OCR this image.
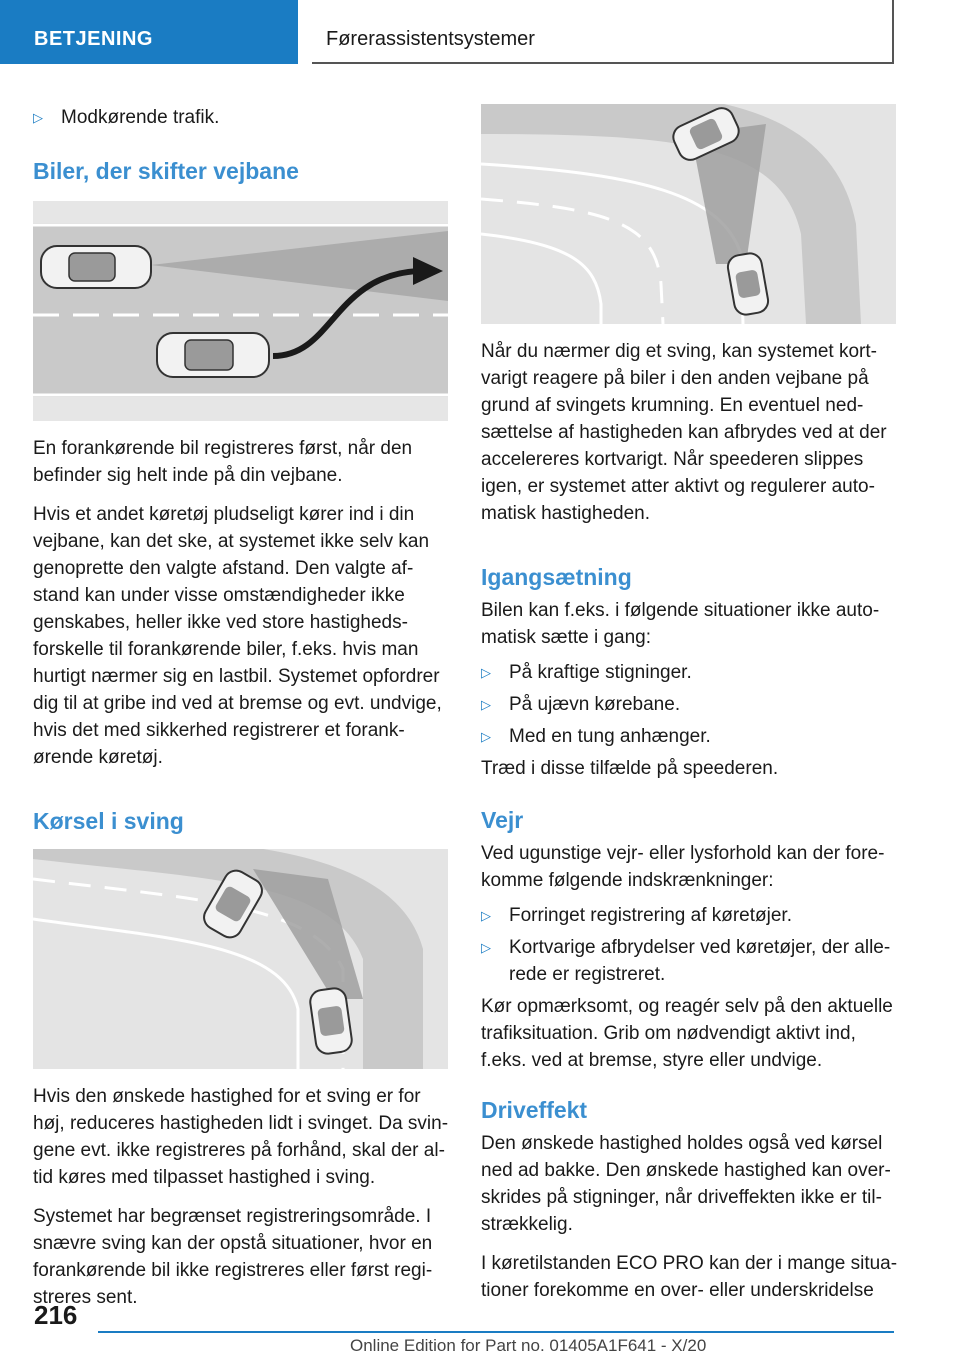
BETJENING	Førerassistentsystemer
▷ Modkørende trafik.
Biler, der skifter vejbane

En forankørende bil registreres først, når den befinder sig helt inde på din vejbane.

Hvis et andet køretøj pludseligt kører ind i din vejbane, kan det ske, at systemet ikke selv kan genoprette den valgte afstand. Den valgte afstand kan under visse omstændigheder ikke genskabes, heller ikke ved store hastighedsforskelle til forankørende biler, f.eks. hvis man hurtigt nærmer sig en lastbil. Systemet opfordrer dig til at gribe ind ved at bremse og evt. undvige, hvis det med sikkerhed registrerer et forankørende køretøj.

Kørsel i sving

Hvis den ønskede hastighed for et sving er for høj, reduceres hastigheden lidt i svinget. Da svingene evt. ikke registreres på forhånd, skal der altid køres med tilpasset hastighed i sving.

Systemet har begrænset registreringsområde. I snævre sving kan der opstå situationer, hvor en forankørende bil ikke registreres eller først registreres sent.

Når du nærmer dig et sving, kan systemet kortvarigt reagere på biler i den anden vejbane på grund af svingets krumning. En eventuel nedsættelse af hastigheden kan afbrydes ved at der accelereres kortvarigt. Når speederen slippes igen, er systemet atter aktivt og regulerer automatisk hastigheden.

Igangsætning

Bilen kan f.eks. i følgende situationer ikke automatisk sætte i gang:

▷ På kraftige stigninger.
▷ På ujævn kørebane.
▷ Med en tung anhænger.

Træd i disse tilfælde på speederen.

Vejr

Ved ugunstige vejr- eller lysforhold kan der forekomme følgende indskrænkninger:

▷ Forringet registrering af køretøjer.
▷ Kortvarige afbrydelser ved køretøjer, der allerede er registreret.

Kør opmærksomt, og reagér selv på den aktuelle trafiksituation. Grib om nødvendigt aktivt ind, f.eks. ved at bremse, styre eller undvige.

Driveffekt

Den ønskede hastighed holdes også ved kørsel ned ad bakke. Den ønskede hastighed kan overskrides på stigninger, når driveffekten ikke er tilstrækkelig.

I køretilstanden ECO PRO kan der i mange situationer forekomme en over- eller underskridelse

216
Online Edition for Part no. 01405A1F641 - X/20
